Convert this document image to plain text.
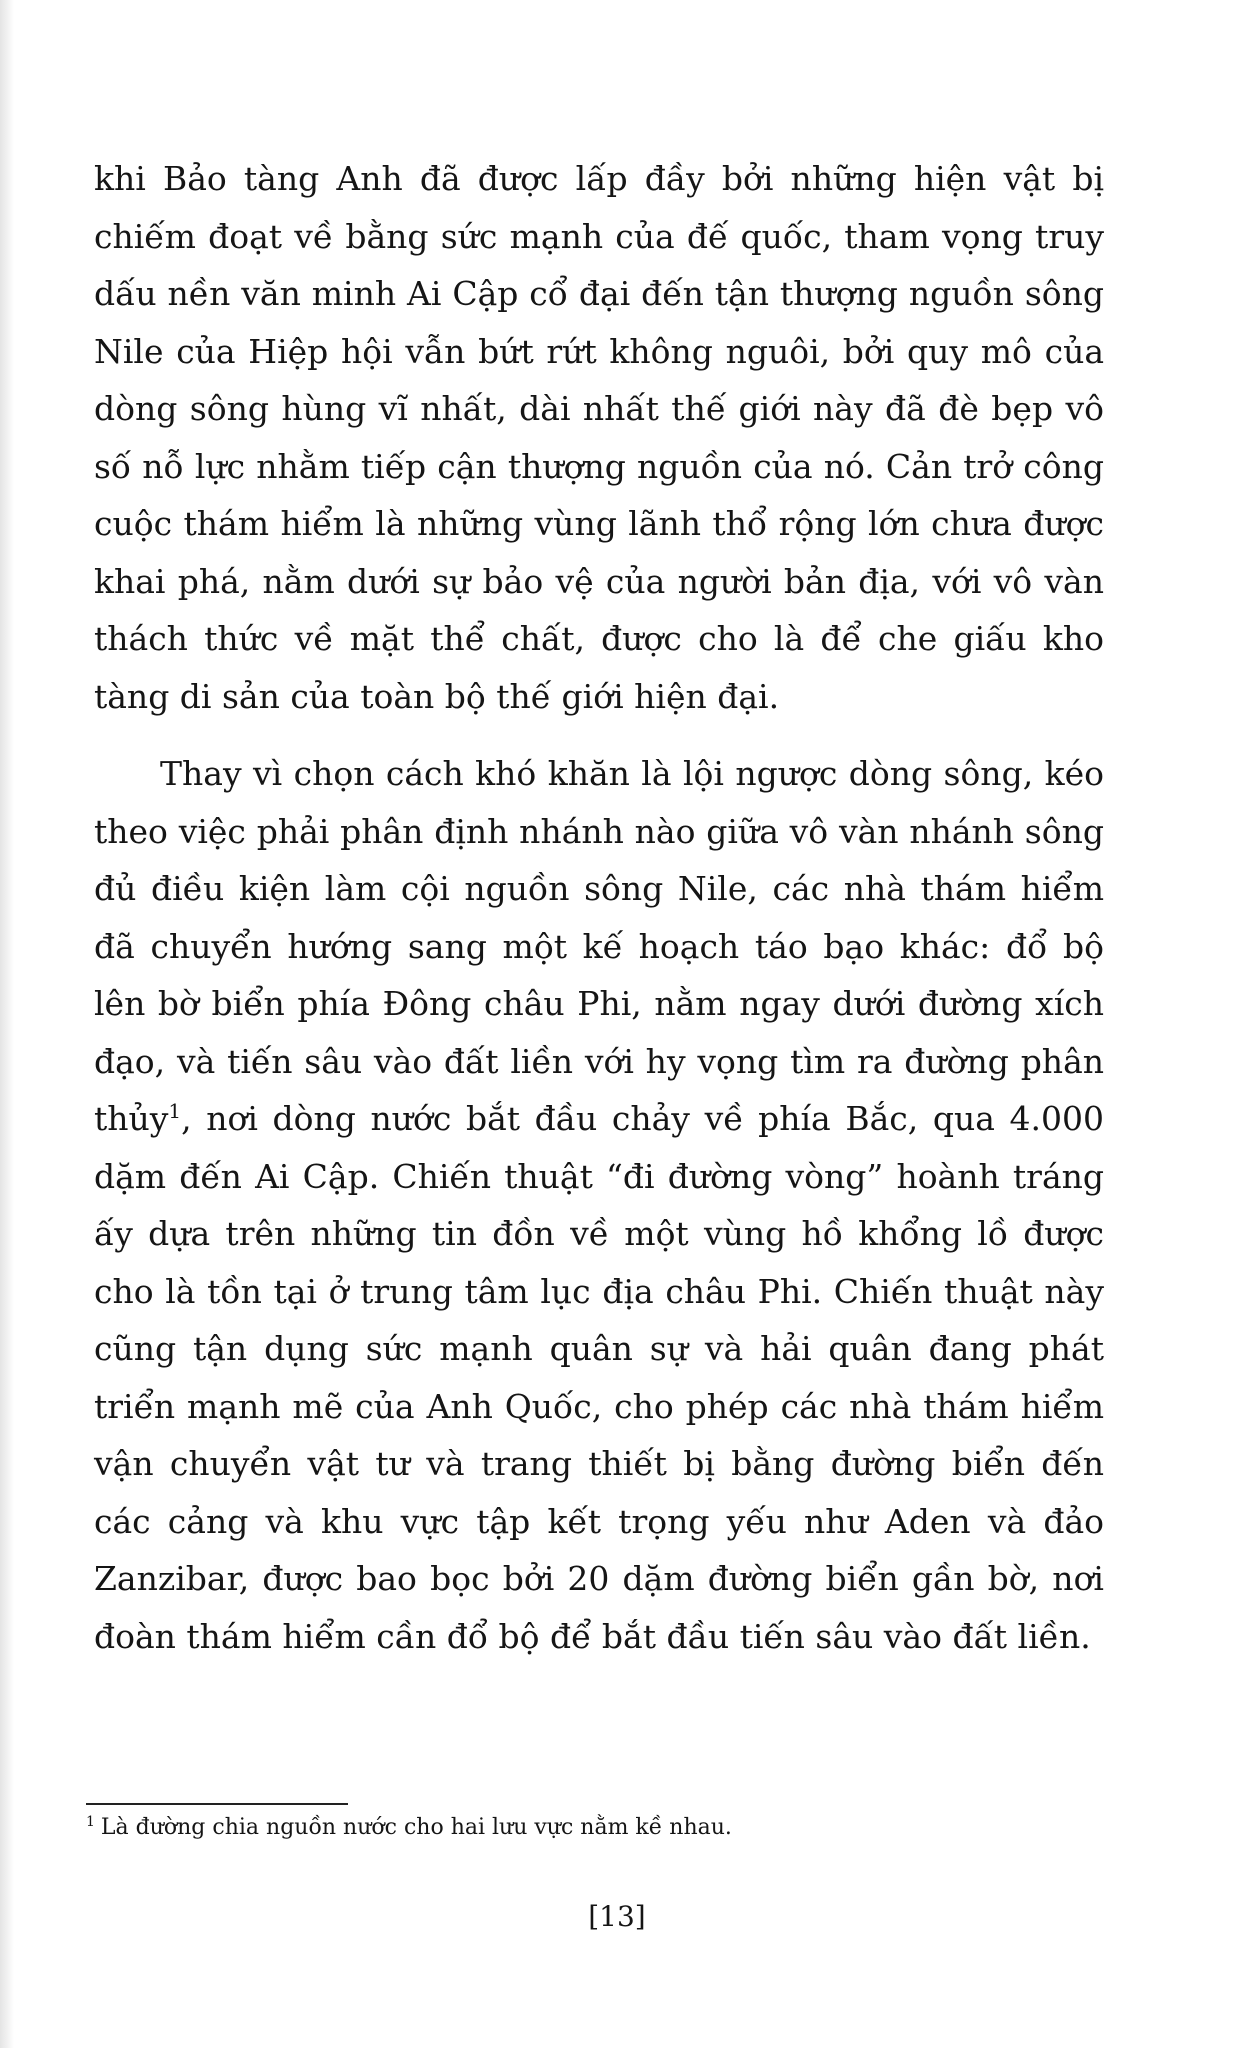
khi Bảo tàng Anh đã được lấp đầy bởi những hiện vật bị chiếm đoạt về bằng sức mạnh của đế quốc, tham vọng truy dấu nền văn minh Ai Cập cổ đại đến tận thượng nguồn sông Nile của Hiệp hội vẫn bứt rứt không nguôi, bởi quy mô của dòng sông hùng vĩ nhất, dài nhất thế giới này đã đè bẹp vô số nỗ lực nhằm tiếp cận thượng nguồn của nó. Cản trở công cuộc thám hiểm là những vùng lãnh thổ rộng lớn chưa được khai phá, nằm dưới sự bảo vệ của người bản địa, với vô vàn thách thức về mặt thể chất, được cho là để che giấu kho tàng di sản của toàn bộ thế giới hiện đại.

Thay vì chọn cách khó khăn là lội ngược dòng sông, kéo theo việc phải phân định nhánh nào giữa vô vàn nhánh sông đủ điều kiện làm cội nguồn sông Nile, các nhà thám hiểm đã chuyển hướng sang một kế hoạch táo bạo khác: đổ bộ lên bờ biển phía Đông châu Phi, nằm ngay dưới đường xích đạo, và tiến sâu vào đất liền với hy vọng tìm ra đường phân thủy$^1$, nơi dòng nước bắt đầu chảy về phía Bắc, qua 4.000 dặm đến Ai Cập. Chiến thuật “đi đường vòng” hoành tráng ấy dựa trên những tin đồn về một vùng hồ khổng lồ được cho là tồn tại ở trung tâm lục địa châu Phi. Chiến thuật này cũng tận dụng sức mạnh quân sự và hải quân đang phát triển mạnh mẽ của Anh Quốc, cho phép các nhà thám hiểm vận chuyển vật tư và trang thiết bị bằng đường biển đến các cảng và khu vực tập kết trọng yếu như Aden và đảo Zanzibar, được bao bọc bởi 20 dặm đường biển gần bờ, nơi đoàn thám hiểm cần đổ bộ để bắt đầu tiến sâu vào đất liền.

$^1$ Là đường chia nguồn nước cho hai lưu vực nằm kề nhau.
[13]
